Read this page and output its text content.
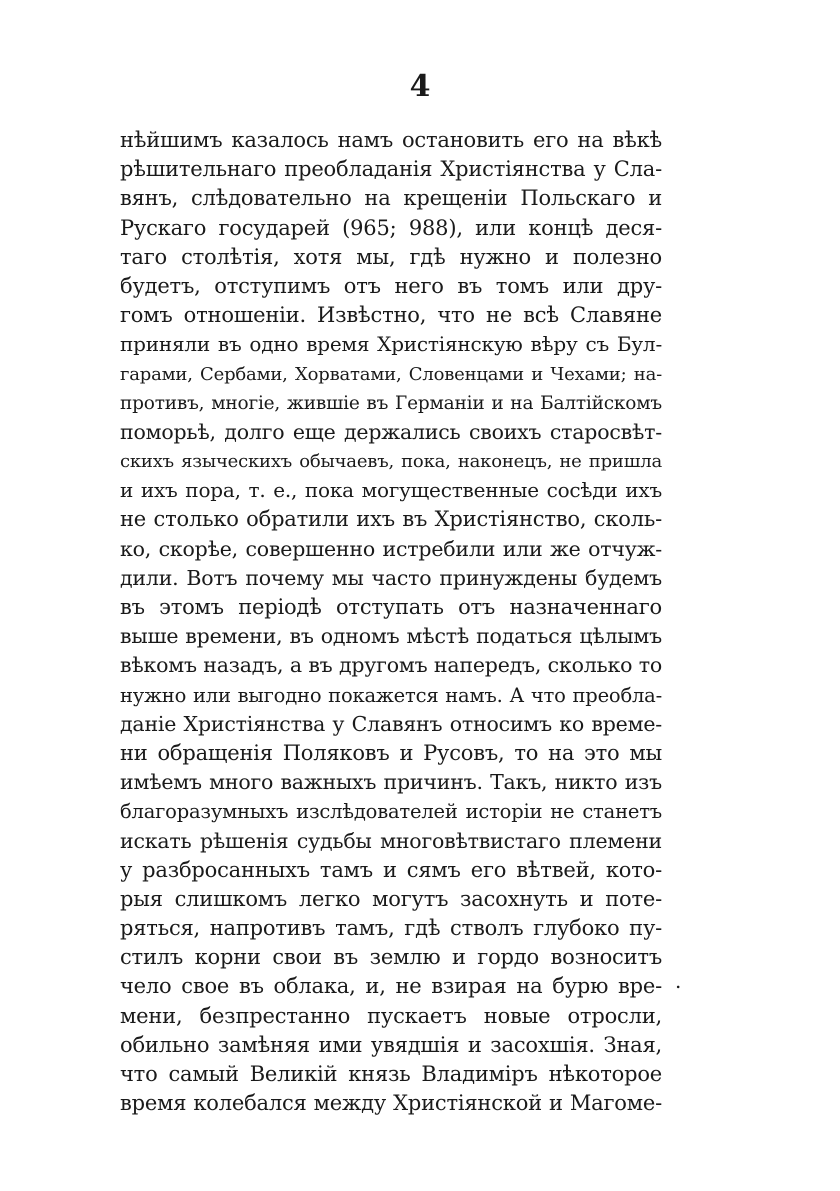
4
нѣйшимъ казалось намъ остановить его на вѣкѣ
рѣшительнаго преобладанія Христіянства у Сла-
вянъ, слѣдовательно на крещеніи Польскаго и
Рускаго государей (965; 988), или концѣ деся-
таго столѣтія, хотя мы, гдѣ нужно и полезно
будетъ, отступимъ отъ него въ томъ или дру-
гомъ отношеніи. Извѣстно, что не всѣ Славяне
приняли въ одно время Христіянскую вѣру съ Бул-
гарами, Сербами, Хорватами, Словенцами и Чехами; на-
противъ, многіе, жившіе въ Германіи и на Балтійскомъ
поморьѣ, долго еще держались своихъ старосвѣт-
скихъ языческихъ обычаевъ, пока, наконецъ, не пришла
и ихъ пора, т. е., пока могущественные сосѣди ихъ
не столько обратили ихъ въ Христіянство, сколь-
ко, скорѣе, совершенно истребили или же отчуж-
дили. Вотъ почему мы часто принуждены будемъ
въ этомъ періодѣ отступать отъ назначеннаго
выше времени, въ одномъ мѣстѣ податься цѣлымъ
вѣкомъ назадъ, а въ другомъ напередъ, сколько то
нужно или выгодно покажется намъ. А что преобла-
даніе Христіянства у Славянъ относимъ ко време-
ни обращенія Поляковъ и Русовъ, то на это мы
имѣемъ много важныхъ причинъ. Такъ, никто изъ
благоразумныхъ изслѣдователей исторіи не станетъ
искать рѣшенія судьбы многовѣтвистаго племени
у разбросанныхъ тамъ и сямъ его вѣтвей, кото-
рыя слишкомъ легко могутъ засохнуть и потe-
ряться, напротивъ тамъ, гдѣ стволъ глубоко пу-
стилъ корни свои въ землю и гордо возноситъ
чело свое въ облака, и, не взирая на бурю вре-
мени, безпрестанно пускаетъ новые отросли,
обильно замѣняя ими увядшія и засохшія. Зная,
что самый Великій князь Владиміръ нѣкоторое
время колебался между Христіянской и Магоме-
.
